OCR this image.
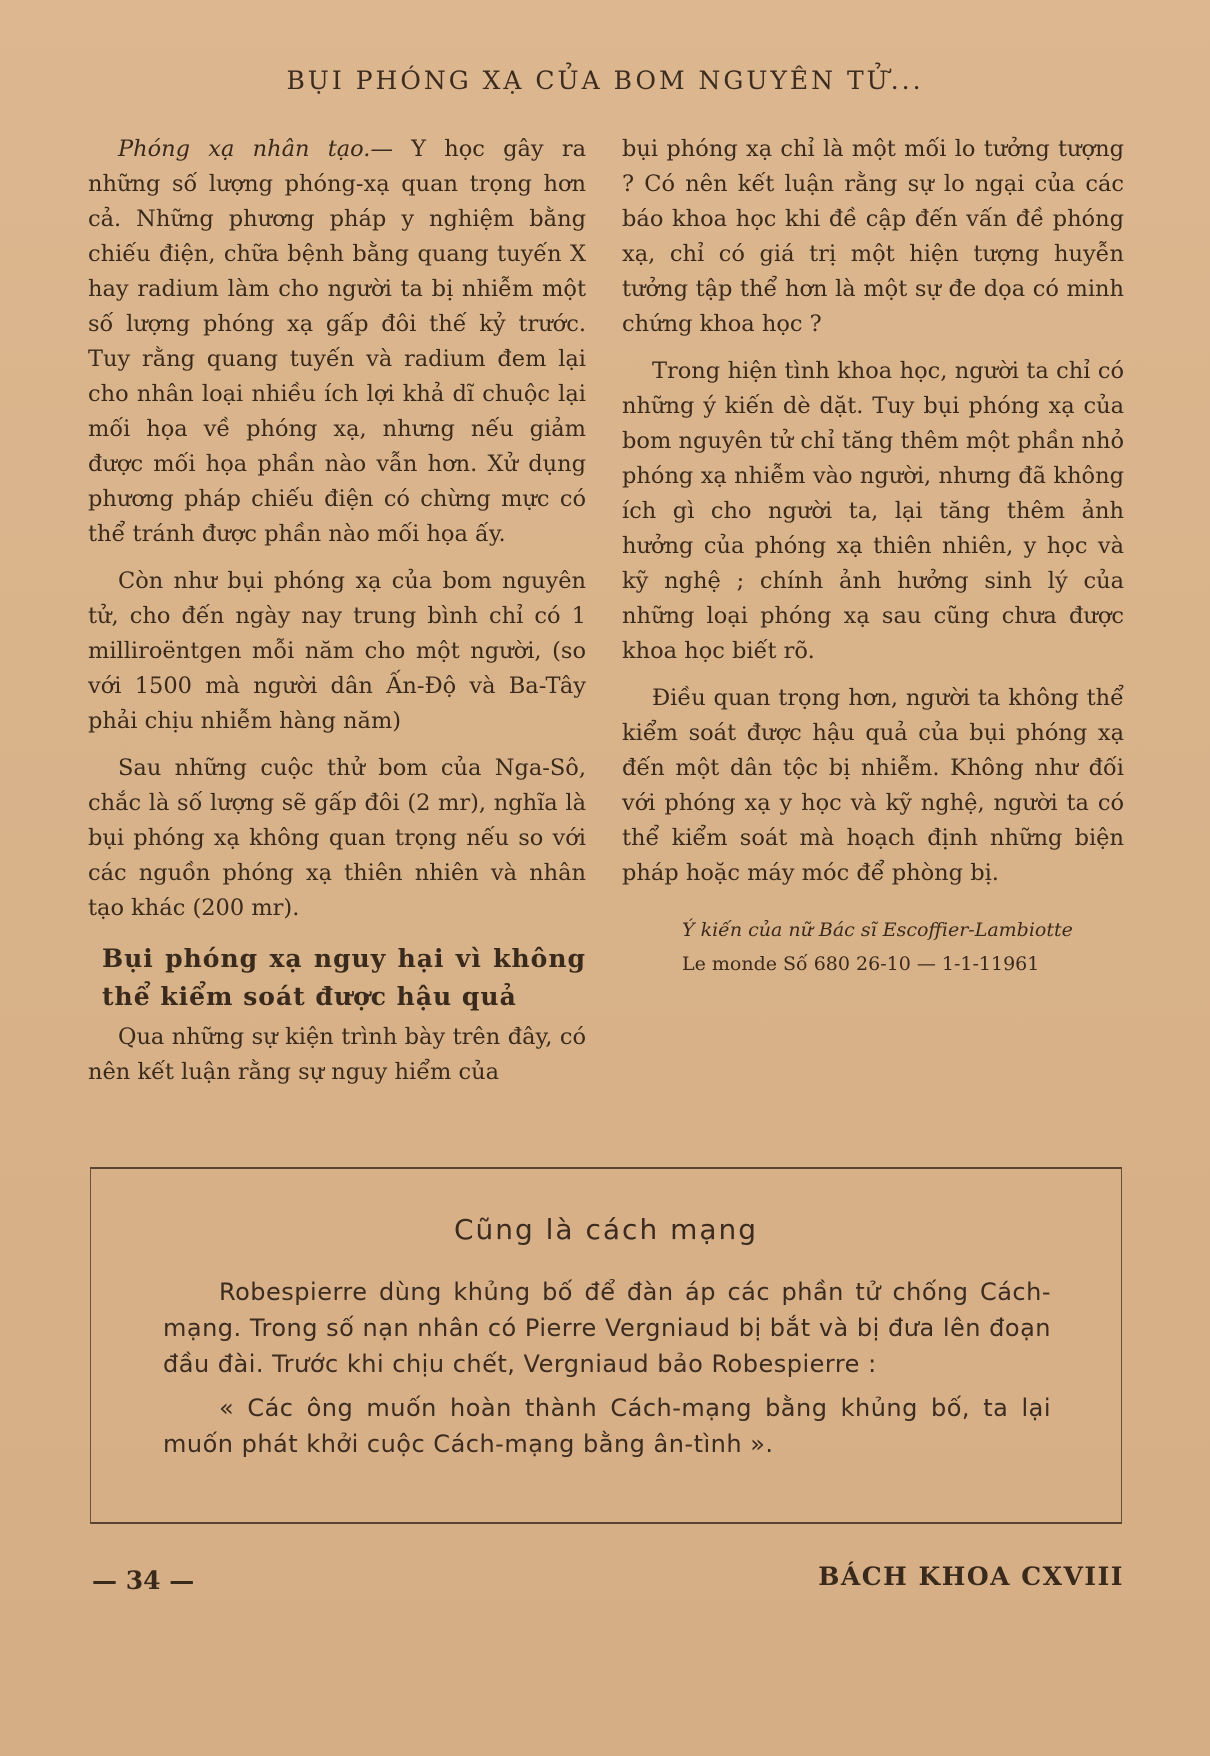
BỤI PHÓNG XẠ CỦA BOM NGUYÊN TỬ...

Phóng xạ nhân tạo.— Y học gây ra những số lượng phóng-xạ quan trọng hơn cả. Những phương pháp y nghiệm bằng chiếu điện, chữa bệnh bằng quang tuyến X hay radium làm cho người ta bị nhiễm một số lượng phóng xạ gấp đôi thế kỷ trước. Tuy rằng quang tuyến và radium đem lại cho nhân loại nhiều ích lợi khả dĩ chuộc lại mối họa về phóng xạ, nhưng nếu giảm được mối họa phần nào vẫn hơn. Xử dụng phương pháp chiếu điện có chừng mực có thể tránh được phần nào mối họa ấy.

Còn như bụi phóng xạ của bom nguyên tử, cho đến ngày nay trung bình chỉ có 1 milliroëntgen mỗi năm cho một người, (so với 1500 mà người dân Ấn-Độ và Ba-Tây phải chịu nhiễm hàng năm)

Sau những cuộc thử bom của Nga-Sô, chắc là số lượng sẽ gấp đôi (2 mr), nghĩa là bụi phóng xạ không quan trọng nếu so với các nguồn phóng xạ thiên nhiên và nhân tạo khác (200 mr).

Bụi phóng xạ nguy hại vì không thể kiểm soát được hậu quả

Qua những sự kiện trình bày trên đây, có nên kết luận rằng sự nguy hiểm của

bụi phóng xạ chỉ là một mối lo tưởng tượng ? Có nên kết luận rằng sự lo ngại của các báo khoa học khi đề cập đến vấn đề phóng xạ, chỉ có giá trị một hiện tượng huyễn tưởng tập thể hơn là một sự đe dọa có minh chứng khoa học ?

Trong hiện tình khoa học, người ta chỉ có những ý kiến dè dặt. Tuy bụi phóng xạ của bom nguyên tử chỉ tăng thêm một phần nhỏ phóng xạ nhiễm vào người, nhưng đã không ích gì cho người ta, lại tăng thêm ảnh hưởng của phóng xạ thiên nhiên, y học và kỹ nghệ ; chính ảnh hưởng sinh lý của những loại phóng xạ sau cũng chưa được khoa học biết rõ.

Điều quan trọng hơn, người ta không thể kiểm soát được hậu quả của bụi phóng xạ đến một dân tộc bị nhiễm. Không như đối với phóng xạ y học và kỹ nghệ, người ta có thể kiểm soát mà hoạch định những biện pháp hoặc máy móc để phòng bị.

Ý kiến của nữ Bác sĩ Escoffier-Lambiotte
Le monde Số 680 26-10 — 1-1-11961
Cũng là cách mạng

Robespierre dùng khủng bố để đàn áp các phần tử chống Cách-mạng. Trong số nạn nhân có Pierre Vergniaud bị bắt và bị đưa lên đoạn đầu đài. Trước khi chịu chết, Vergniaud bảo Robespierre :

« Các ông muốn hoàn thành Cách-mạng bằng khủng bố, ta lại muốn phát khởi cuộc Cách-mạng bằng ân-tình ».

— 34 —	BÁCH KHOA CXVIII
